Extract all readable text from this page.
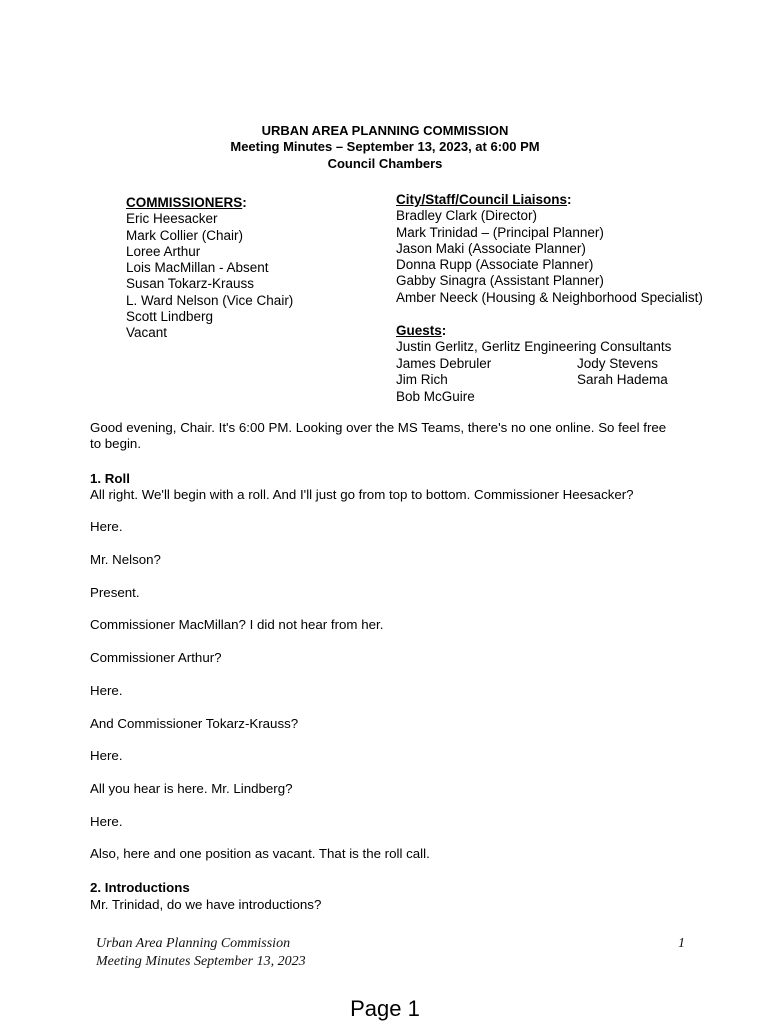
URBAN AREA PLANNING COMMISSION
Meeting Minutes – September 13, 2023, at 6:00 PM
Council Chambers
COMMISSIONERS:
Eric Heesacker
Mark Collier (Chair)
Loree Arthur
Lois MacMillan - Absent
Susan Tokarz-Krauss
L. Ward Nelson (Vice Chair)
Scott Lindberg
Vacant
City/Staff/Council Liaisons:
Bradley Clark (Director)
Mark Trinidad – (Principal Planner)
Jason Maki (Associate Planner)
Donna Rupp (Associate Planner)
Gabby Sinagra (Assistant Planner)
Amber Neeck (Housing & Neighborhood Specialist)
Guests:
Justin Gerlitz, Gerlitz Engineering Consultants
James Debruler
Jim Rich
Bob McGuire
Jody Stevens
Sarah Hadema
Good evening, Chair. It's 6:00 PM. Looking over the MS Teams, there's no one online. So feel free to begin.
1. Roll
All right. We'll begin with a roll. And I'll just go from top to bottom. Commissioner Heesacker?
Here.
Mr. Nelson?
Present.
Commissioner MacMillan? I did not hear from her.
Commissioner Arthur?
Here.
And Commissioner Tokarz-Krauss?
Here.
All you hear is here. Mr. Lindberg?
Here.
Also, here and one position as vacant. That is the roll call.
2. Introductions
Mr. Trinidad, do we have introductions?
Urban Area Planning Commission
Meeting Minutes September 13, 2023
1
Page 1
